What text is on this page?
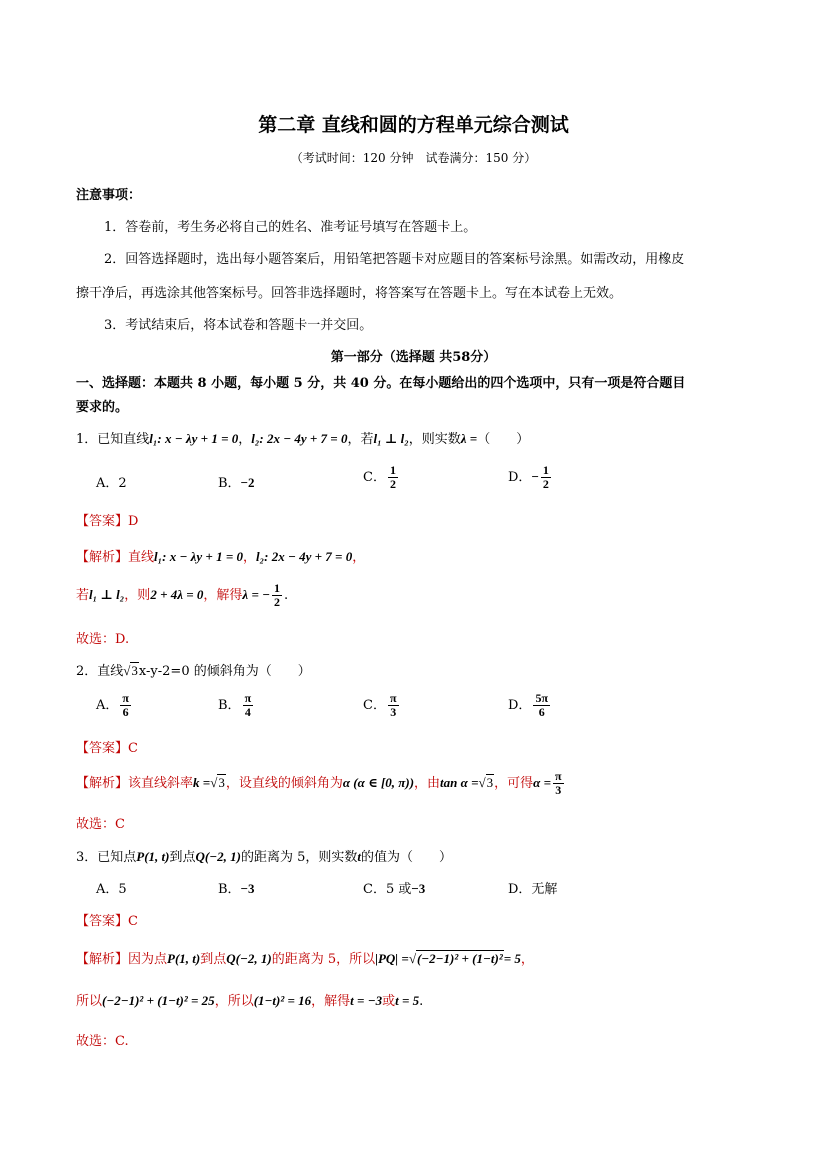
第二章 直线和圆的方程单元综合测试
（考试时间：120 分钟　试卷满分：150 分）
注意事项：
1．答卷前，考生务必将自己的姓名、准考证号填写在答题卡上。
2．回答选择题时，选出每小题答案后，用铅笔把答题卡对应题目的答案标号涂黑。如需改动，用橡皮
擦干净后，再选涂其他答案标号。回答非选择题时，将答案写在答题卡上。写在本试卷上无效。
3．考试结束后，将本试卷和答题卡一并交回。
第一部分（选择题 共58分）
一、选择题：本题共 8 小题，每小题 5 分，共 40 分。在每小题给出的四个选项中，只有一项是符合题目
要求的。
1．已知直线l₁: x − λy + 1 = 0，l₂: 2x − 4y + 7 = 0，若l₁ ⊥ l₂，则实数λ =（　　）
A．2	B．−2	C． $\frac{1}{2}$	D．− $\frac{1}{2}$
【答案】D
【解析】直线l₁: x − λy + 1 = 0，l₂: 2x − 4y + 7 = 0，
若l₁ ⊥ l₂，则2 + 4λ = 0，解得λ = − $\frac{1}{2}$ .
故选：D.
2．直线√3x-y-2=0 的倾斜角为（　　）
A． $\frac{\pi}{6}$	B． $\frac{\pi}{4}$	C． $\frac{\pi}{3}$	D． $\frac{5\pi}{6}$
【答案】C
【解析】该直线斜率k =√3，设直线的倾斜角为α (α ∈ [0, π))，由tan α =√3，可得$\alpha = \frac{\pi}{3}$
故选：C
3．已知点P(1, t)到点Q(−2, 1)的距离为 5，则实数t的值为（　　）
A．5	B．−3	C．5 或−3	D．无解
【答案】C
【解析】因为点P(1, t)到点Q(−2, 1)的距离为 5，所以|PQ| =√(−2−1)² + (1−t)²= 5，
所以(−2−1)² + (1−t)² = 25，所以(1−t)² = 16，解得t = −3或t = 5.
故选：C.
